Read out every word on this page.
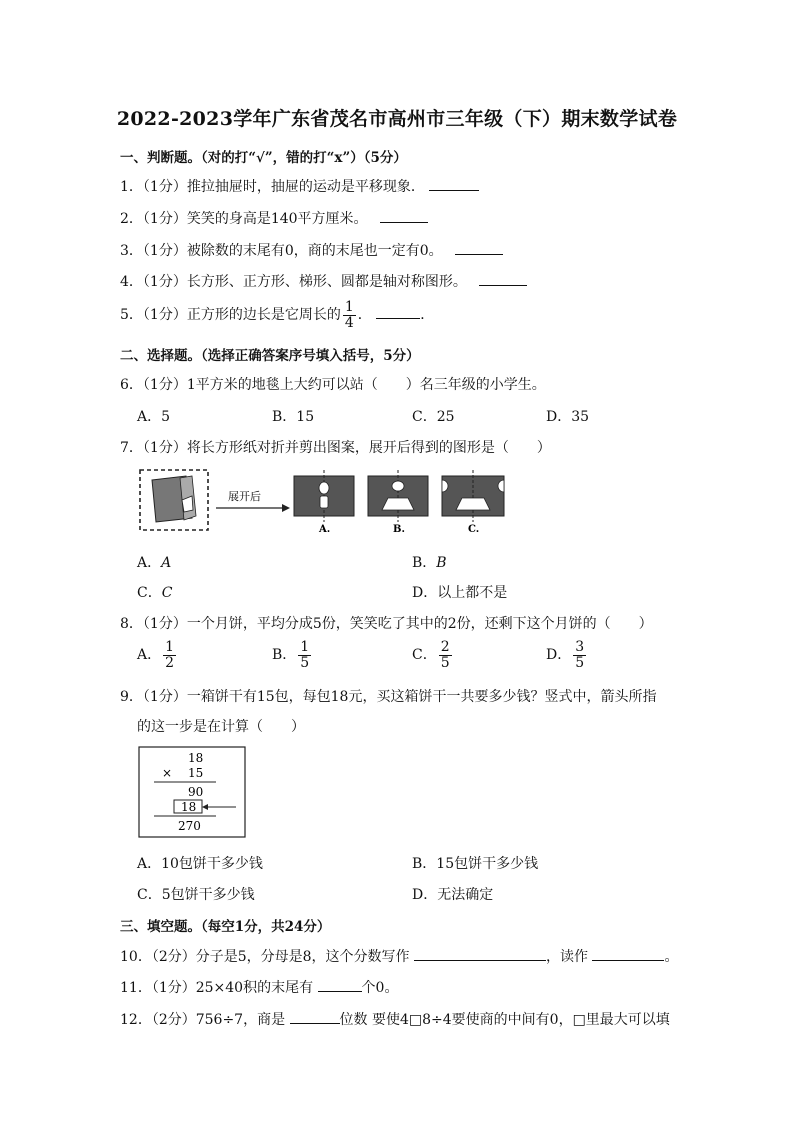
2022-2023学年广东省茂名市高州市三年级（下）期末数学试卷
一、判断题。（对的打“√”，错的打“x”）（5分）
1．（1分）推拉抽屉时，抽屉的运动是平移现象．
2．（1分）笑笑的身高是140平方厘米。
3．（1分）被除数的末尾有0，商的末尾也一定有0。
4．（1分）长方形、正方形、梯形、圆都是轴对称图形。
5．（1分）正方形的边长是它周长的 $\frac{1}{4}$ ．	．
二、选择题。（选择正确答案序号填入括号，5分）
6．（1分）1平方米的地毯上大约可以站（　　）名三年级的小学生。
A．5	B．15	C．25	D．35
7．（1分）将长方形纸对折并剪出图案，展开后得到的图形是（　　）
展开后
A.	B.	C.
A．A	B．B
C．C	D．以上都不是
8．（1分）一个月饼，平均分成5份，笑笑吃了其中的2份，还剩下这个月饼的（　　）
A． $\frac{1}{2}$	B． $\frac{1}{5}$	C． $\frac{2}{5}$	D． $\frac{3}{5}$
9．（1分）一箱饼干有15包，每包18元，买这箱饼干一共要多少钱？竖式中，箭头所指
的这一步是在计算（　　）
18
× 15
90
18
270
A．10包饼干多少钱	B．15包饼干多少钱
C．5包饼干多少钱	D．无法确定
三、填空题。（每空1分，共24分）
10．（2分）分子是5，分母是8，这个分数写作	，读作	。
11．（1分）25×40积的末尾有	个0。
12．（2分）756÷7，商是	位数 要使4□8÷4要使商的中间有0，□里最大可以填
